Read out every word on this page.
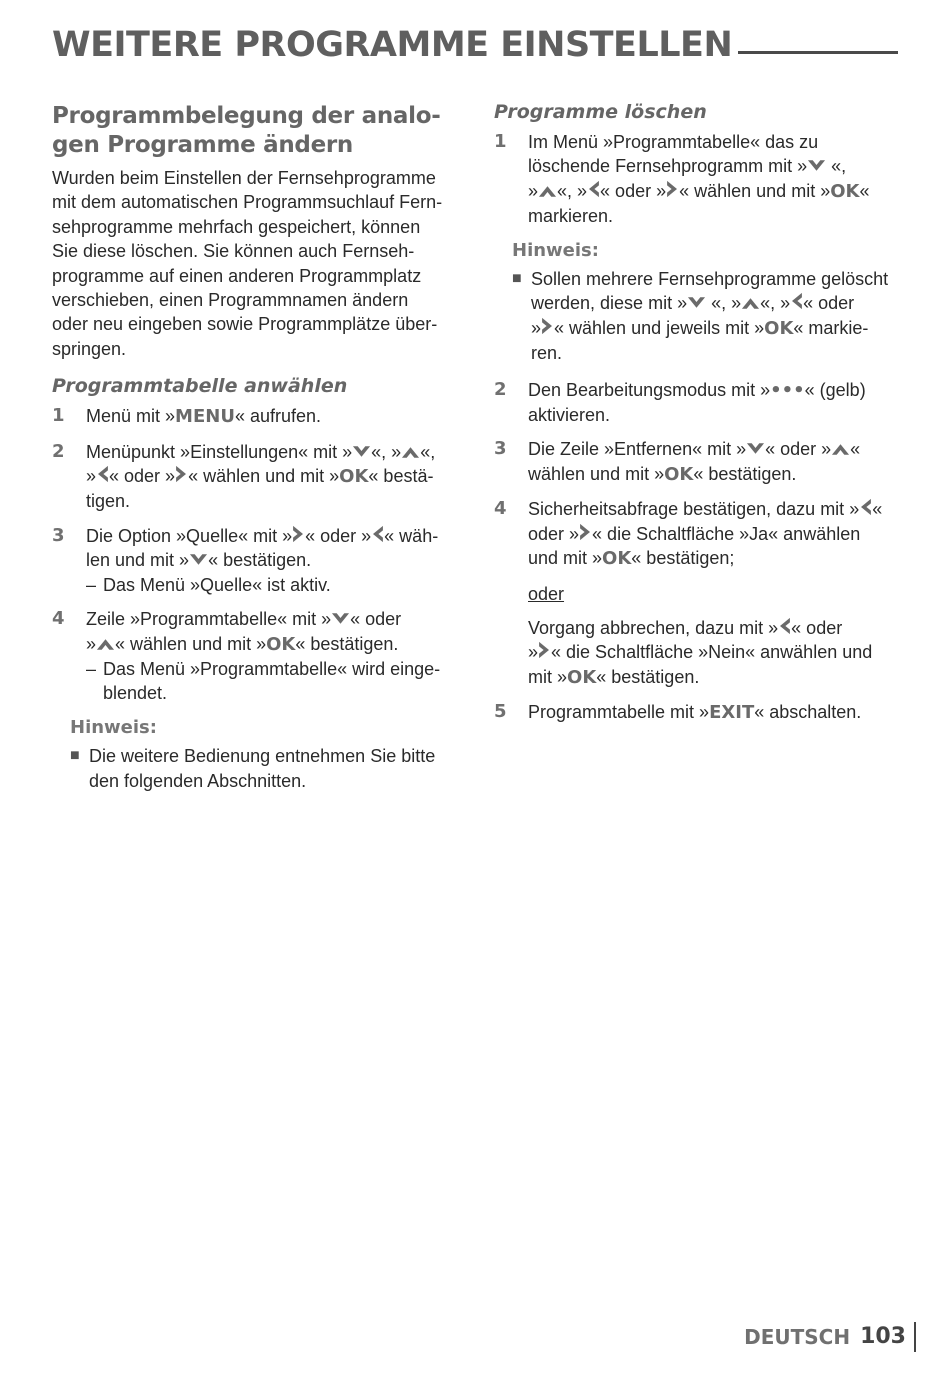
WEITERE PROGRAMME EINSTELLEN
Programmbelegung der analo-
gen Programme ändern
Wurden beim Einstellen der Fernsehprogramme
mit dem automatischen Programmsuchlauf Fern-
sehprogramme mehrfach gespeichert, können
Sie diese löschen. Sie können auch Fernseh-
programme auf einen anderen Programmplatz
verschieben, einen Programmnamen ändern
oder neu eingeben sowie Programmplätze über-
springen.
Programmtabelle anwählen
1	Menü mit »MENU« aufrufen.
2	Menüpunkt »Einstellungen« mit » «, » «,
» « oder » « wählen und mit »OK« bestä-
tigen.
3	Die Option »Quelle« mit » « oder » « wäh-
len und mit » « bestätigen.
– Das Menü »Quelle« ist aktiv.
4	Zeile »Programmtabelle« mit » « oder
» « wählen und mit »OK« bestätigen.
– Das Menü »Programmtabelle« wird einge-
blendet.
Hinweis:
■ Die weitere Bedienung entnehmen Sie bitte
den folgenden Abschnitten.
Programme löschen
1	Im Menü »Programmtabelle« das zu
löschende Fernsehprogramm mit » «,
» «, » « oder » « wählen und mit »OK«
markieren.
Hinweis:
■ Sollen mehrere Fernsehprogramme gelöscht
werden, diese mit » «, » «, » « oder
» « wählen und jeweils mit »OK« markie-
ren.
2	Den Bearbeitungsmodus mit »•••« (gelb)
aktivieren.
3	Die Zeile »Entfernen« mit » « oder » «
wählen und mit »OK« bestätigen.
4	Sicherheitsabfrage bestätigen, dazu mit » «
oder » « die Schaltfläche »Ja« anwählen
und mit »OK« bestätigen;
oder
Vorgang abbrechen, dazu mit » « oder
» « die Schaltfläche »Nein« anwählen und
mit »OK« bestätigen.
5	Programmtabelle mit »EXIT« abschalten.
DEUTSCH 103
